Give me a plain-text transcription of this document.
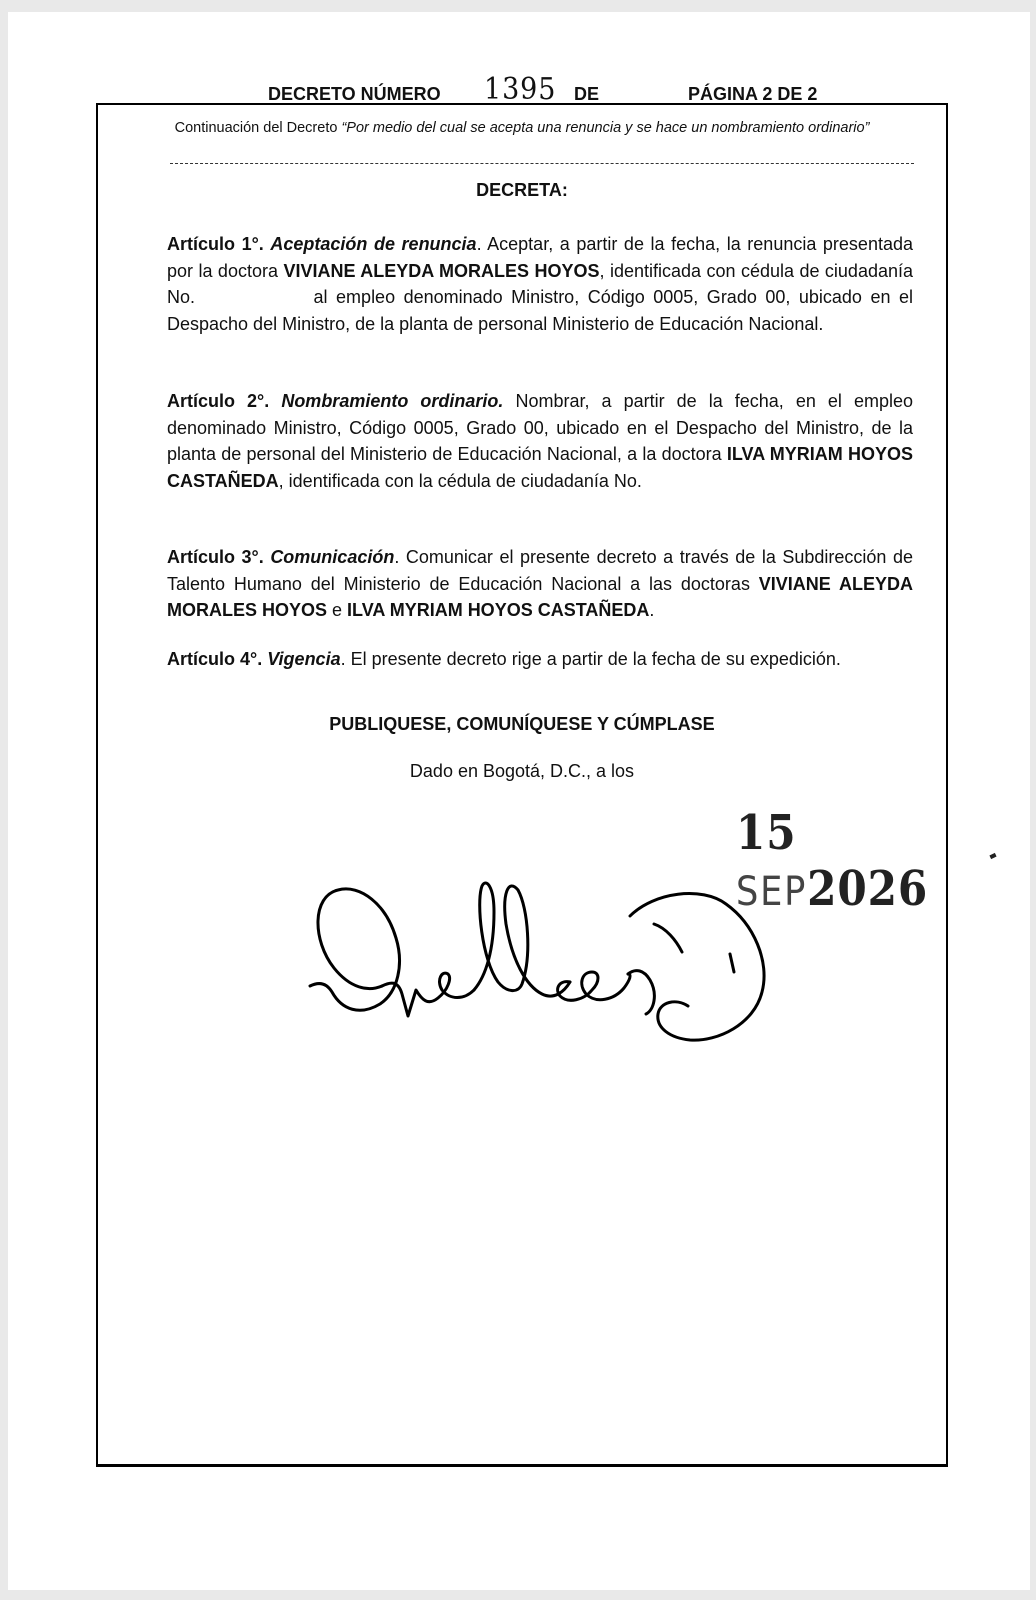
DECRETO NÚMERO 1395 DE	PÁGINA 2 DE 2
Continuación del Decreto “Por medio del cual se acepta una renuncia y se hace un nombramiento ordinario”
DECRETA:
Artículo 1°. Aceptación de renuncia. Aceptar, a partir de la fecha, la renuncia presentada por la doctora VIVIANE ALEYDA MORALES HOYOS, identificada con cédula de ciudadanía No.	al empleo denominado Ministro, Código 0005, Grado 00, ubicado en el Despacho del Ministro, de la planta de personal Ministerio de Educación Nacional.
Artículo 2°. Nombramiento ordinario. Nombrar, a partir de la fecha, en el empleo denominado Ministro, Código 0005, Grado 00, ubicado en el Despacho del Ministro, de la planta de personal del Ministerio de Educación Nacional, a la doctora ILVA MYRIAM HOYOS CASTAÑEDA, identificada con la cédula de ciudadanía No.
Artículo 3°. Comunicación. Comunicar el presente decreto a través de la Subdirección de Talento Humano del Ministerio de Educación Nacional a las doctoras VIVIANE ALEYDA MORALES HOYOS e ILVA MYRIAM HOYOS CASTAÑEDA.
Artículo 4°. Vigencia. El presente decreto rige a partir de la fecha de su expedición.
PUBLIQUESE, COMUNÍQUESE Y CÚMPLASE
Dado en Bogotá, D.C., a los
15 SEP2026
